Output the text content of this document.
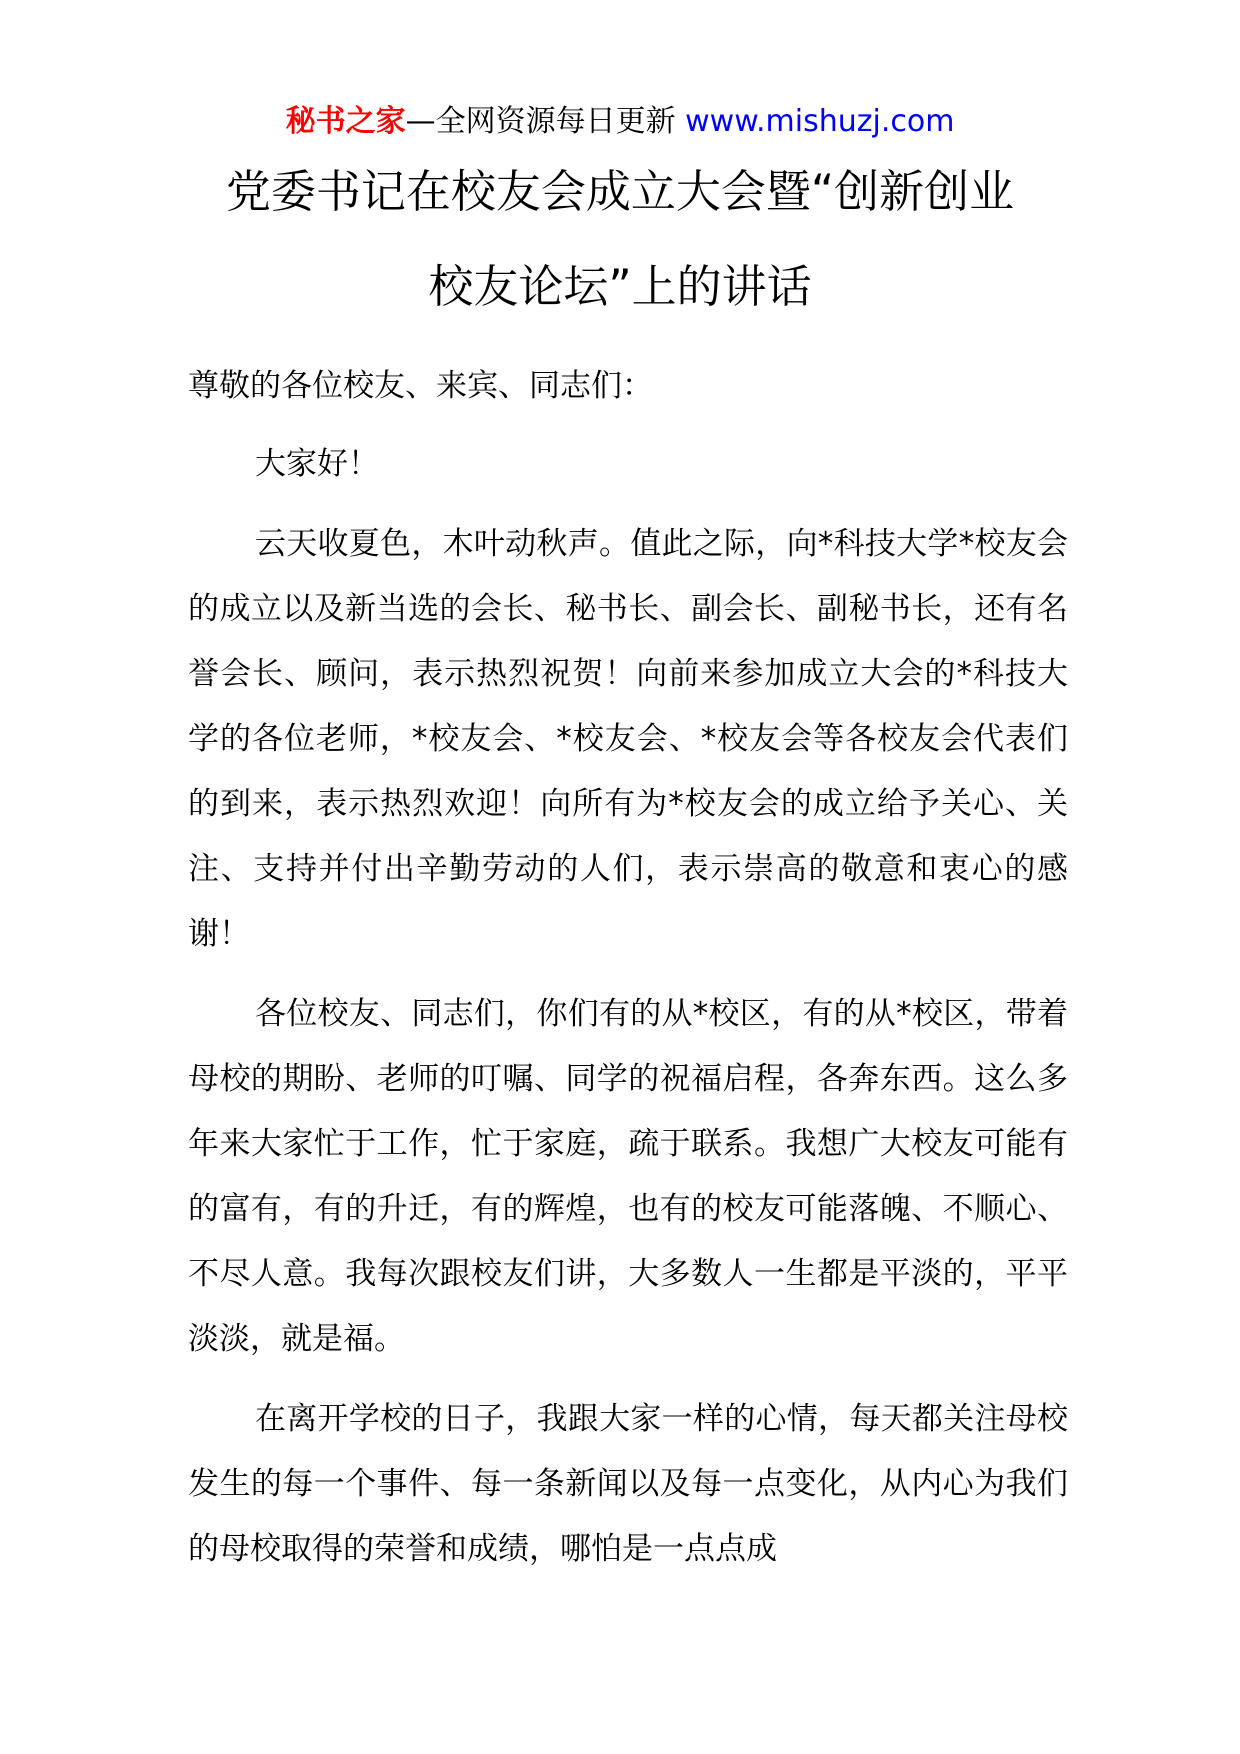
秘书之家—全网资源每日更新 www.mishuzj.com
党委书记在校友会成立大会暨“创新创业
校友论坛”上的讲话

尊敬的各位校友、来宾、同志们：

大家好！

云天收夏色，木叶动秋声。值此之际，向*科技大学*校友会的成立以及新当选的会长、秘书长、副会长、副秘书长，还有名誉会长、顾问，表示热烈祝贺！向前来参加成立大会的*科技大学的各位老师，*校友会、*校友会、*校友会等各校友会代表们的到来，表示热烈欢迎！向所有为*校友会的成立给予关心、关注、支持并付出辛勤劳动的人们，表示崇高的敬意和衷心的感谢！

各位校友、同志们，你们有的从*校区，有的从*校区，带着母校的期盼、老师的叮嘱、同学的祝福启程，各奔东西。这么多年来大家忙于工作，忙于家庭，疏于联系。我想广大校友可能有的富有，有的升迁，有的辉煌，也有的校友可能落魄、不顺心、不尽人意。我每次跟校友们讲，大多数人一生都是平淡的，平平淡淡，就是福。

在离开学校的日子，我跟大家一样的心情，每天都关注母校发生的每一个事件、每一条新闻以及每一点变化，从内心为我们的母校取得的荣誉和成绩，哪怕是一点点成
